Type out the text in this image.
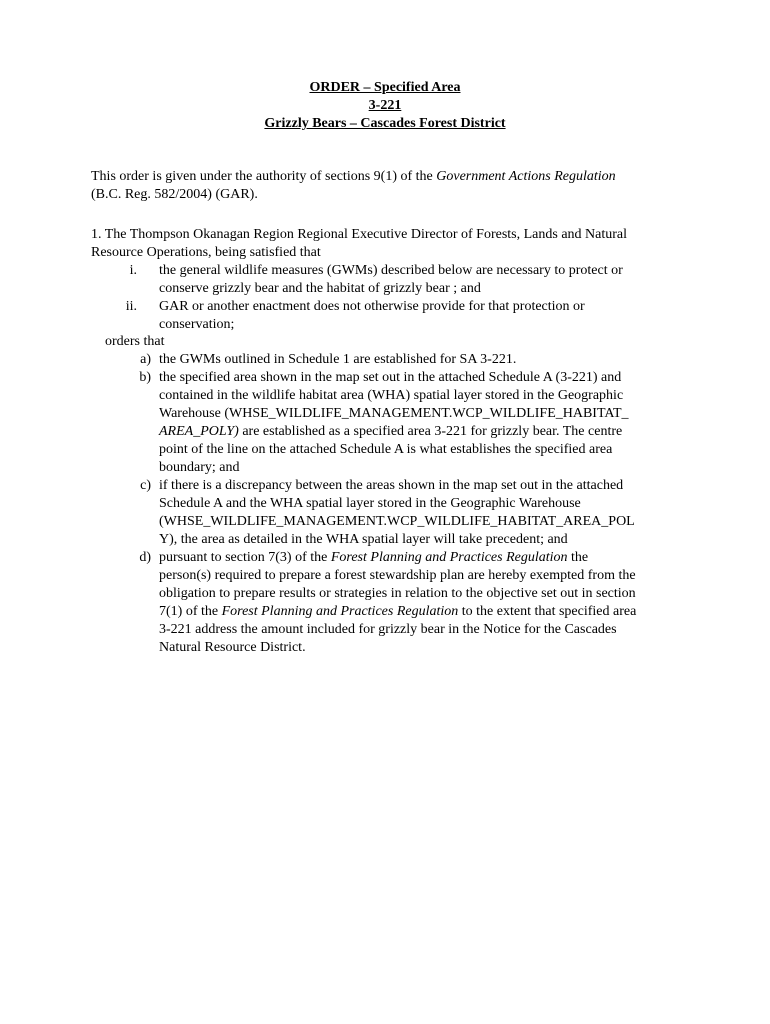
ORDER – Specified Area
3-221
Grizzly Bears – Cascades Forest District
This order is given under the authority of sections 9(1) of the Government Actions Regulation
(B.C. Reg. 582/2004) (GAR).
1. The Thompson Okanagan Region Regional Executive Director of Forests, Lands and Natural
Resource Operations, being satisfied that
i. the general wildlife measures (GWMs) described below are necessary to protect or
conserve grizzly bear and the habitat of grizzly bear ; and
ii. GAR or another enactment does not otherwise provide for that protection or
conservation;
orders that
a) the GWMs outlined in Schedule 1 are established for SA 3-221.
b) the specified area shown in the map set out in the attached Schedule A (3-221) and
contained in the wildlife habitat area (WHA) spatial layer stored in the Geographic
Warehouse (WHSE_WILDLIFE_MANAGEMENT.WCP_WILDLIFE_HABITAT_
AREA_POLY) are established as a specified area 3-221 for grizzly bear. The centre
point of the line on the attached Schedule A is what establishes the specified area
boundary; and
c) if there is a discrepancy between the areas shown in the map set out in the attached
Schedule A and the WHA spatial layer stored in the Geographic Warehouse
(WHSE_WILDLIFE_MANAGEMENT.WCP_WILDLIFE_HABITAT_AREA_POL
Y), the area as detailed in the WHA spatial layer will take precedent; and
d) pursuant to section 7(3) of the Forest Planning and Practices Regulation the
person(s) required to prepare a forest stewardship plan are hereby exempted from the
obligation to prepare results or strategies in relation to the objective set out in section
7(1) of the Forest Planning and Practices Regulation to the extent that specified area
3-221 address the amount included for grizzly bear in the Notice for the Cascades
Natural Resource District.
